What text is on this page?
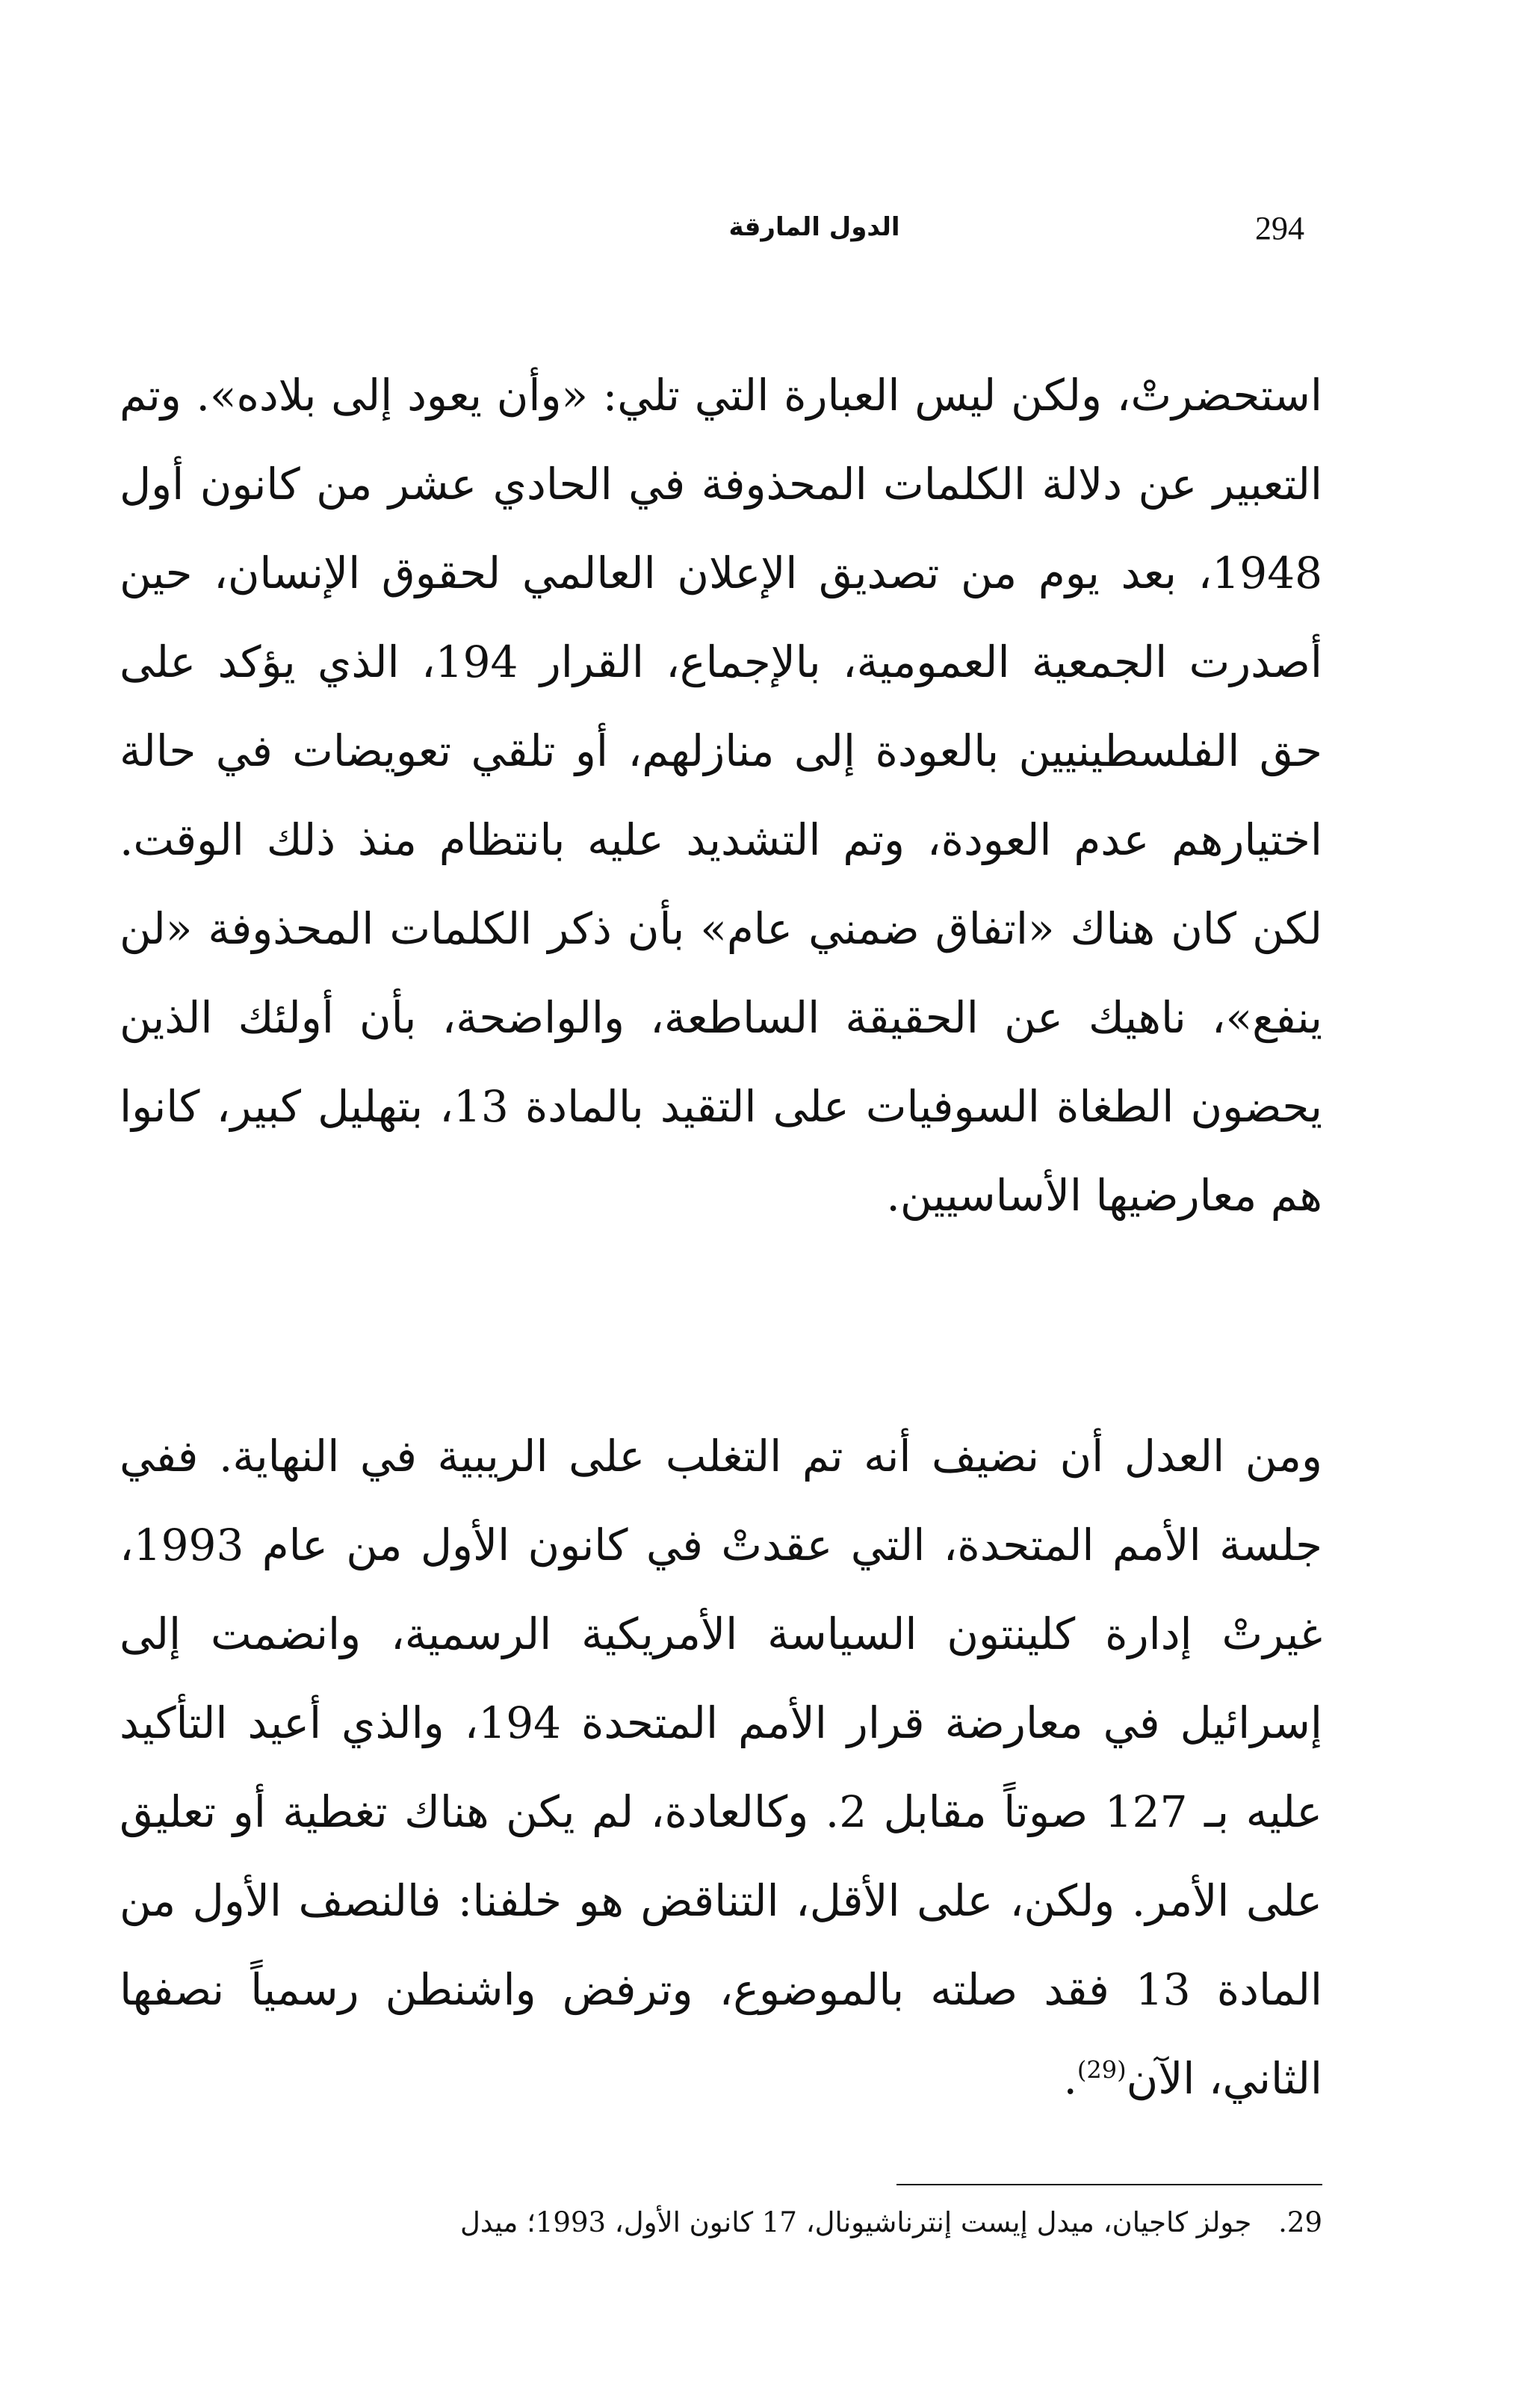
294
الدول المارقة

استحضرتْ، ولكن ليس العبارة التي تلي: «وأن يعود إلى بلاده». وتم التعبير عن دلالة الكلمات المحذوفة في الحادي عشر من كانون أول 1948، بعد يوم من تصديق الإعلان العالمي لحقوق الإنسان، حين أصدرت الجمعية العمومية، بالإجماع، القرار 194، الذي يؤكد على حق الفلسطينيين بالعودة إلى منازلهم، أو تلقي تعويضات في حالة اختيارهم عدم العودة، وتم التشديد عليه بانتظام منذ ذلك الوقت. لكن كان هناك «اتفاق ضمني عام» بأن ذكر الكلمات المحذوفة «لن ينفع»، ناهيك عن الحقيقة الساطعة، والواضحة، بأن أولئك الذين يحضون الطغاة السوفيات على التقيد بالمادة 13، بتهليل كبير، كانوا هم معارضيها الأساسيين.

ومن العدل أن نضيف أنه تم التغلب على الريبية في النهاية. ففي جلسة الأمم المتحدة، التي عقدتْ في كانون الأول من عام 1993، غيرتْ إدارة كلينتون السياسة الأمريكية الرسمية، وانضمت إلى إسرائيل في معارضة قرار الأمم المتحدة 194، والذي أعيد التأكيد عليه بـ 127 صوتاً مقابل 2. وكالعادة، لم يكن هناك تغطية أو تعليق على الأمر. ولكن، على الأقل، التناقض هو خلفنا: فالنصف الأول من المادة 13 فقد صلته بالموضوع، وترفض واشنطن رسمياً نصفها الثاني، الآن$^{(29)}$.

29. جولز كاجيان، ميدل إيست إنترناشيونال، 17 كانون الأول، 1993؛ ميدل
